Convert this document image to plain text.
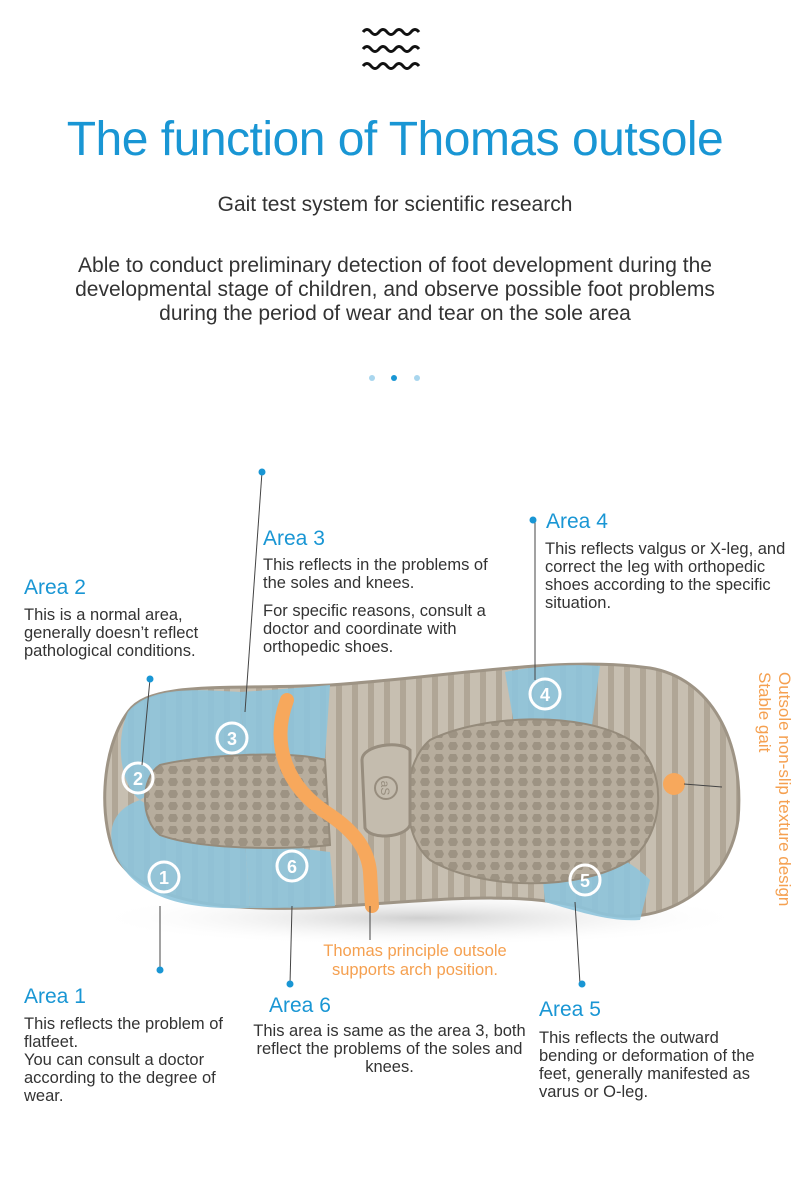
The function of Thomas outsole
Gait test system for scientific research
Able to conduct preliminary detection of foot development during the developmental stage of children, and observe possible foot problems during the period of wear and tear on the sole area
1
2
3
4
5
6
aS
Area 2

This is a normal area, generally doesn’t reflect pathological conditions.

Area 3

This reflects in the problems of the soles and knees.

For specific reasons, consult a doctor and coordinate with orthopedic shoes.

Area 4

This reflects valgus or X-leg, and correct the leg with orthopedic shoes according to the specific situation.

Area 1

This reflects the problem of flatfeet.

You can consult a doctor according to the degree of wear.

Area 6

This area is same as the area 3, both reflect the problems of the soles and knees.

Area 5

This reflects the outward bending or deformation of the feet, generally manifested as varus or O-leg.

Outsole non-slip texture design Stable gait
Thomas principle outsole supports arch position.
